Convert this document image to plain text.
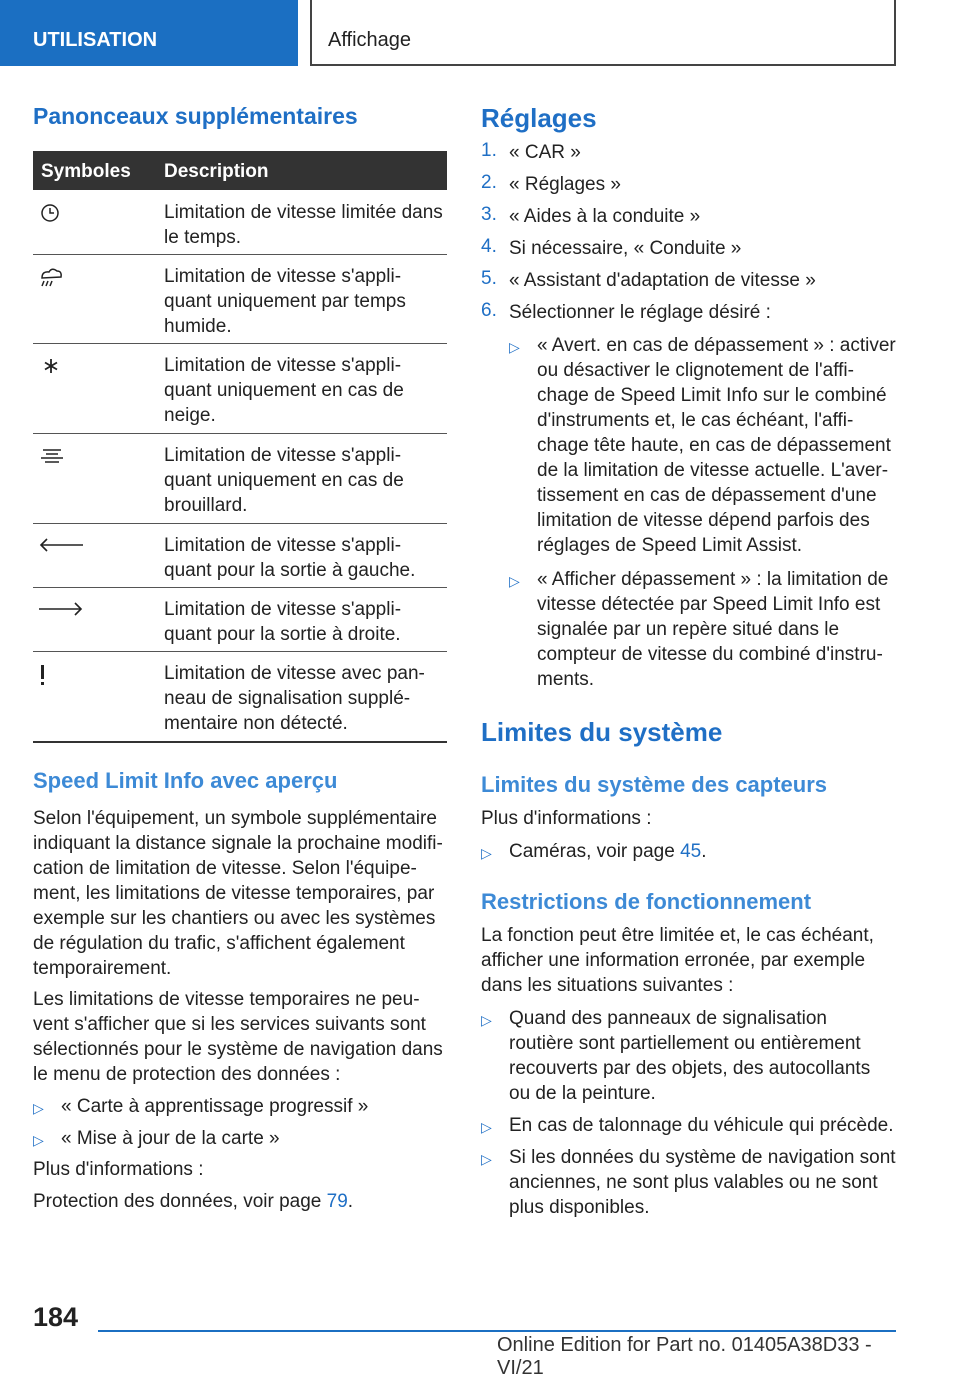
UTILISATION	Affichage
Panonceaux supplémentaires
Symboles Description
Limitation de vitesse limitée dans le temps.
Limitation de vitesse s'appli-quant uniquement par temps humide.
Limitation de vitesse s'appli-quant uniquement en cas de neige.
Limitation de vitesse s'appli-quant uniquement en cas de brouillard.
Limitation de vitesse s'appli-quant pour la sortie à gauche.
Limitation de vitesse s'appli-quant pour la sortie à droite.
Limitation de vitesse avec pan-neau de signalisation supplé-mentaire non détecté.
Speed Limit Info avec aperçu
Selon l'équipement, un symbole supplémentaire indiquant la distance signale la prochaine modifi-cation de limitation de vitesse. Selon l'équipe-ment, les limitations de vitesse temporaires, par exemple sur les chantiers ou avec les systèmes de régulation du trafic, s'affichent également temporairement.
Les limitations de vitesse temporaires ne peu-vent s'afficher que si les services suivants sont sélectionnés pour le système de navigation dans le menu de protection des données :
▷ « Carte à apprentissage progressif »
▷ « Mise à jour de la carte »
Plus d'informations :
Protection des données, voir page 79.
Réglages
1. « CAR »
2. « Réglages »
3. « Aides à la conduite »
4. Si nécessaire, « Conduite »
5. « Assistant d'adaptation de vitesse »
6. Sélectionner le réglage désiré :
▷ « Avert. en cas de dépassement » : activer ou désactiver le clignotement de l'affi-chage de Speed Limit Info sur le combiné d'instruments et, le cas échéant, l'affi-chage tête haute, en cas de dépassement de la limitation de vitesse actuelle. L'aver-tissement en cas de dépassement d'une limitation de vitesse dépend parfois des réglages de Speed Limit Assist.
▷ « Afficher dépassement » : la limitation de vitesse détectée par Speed Limit Info est signalée par un repère situé dans le compteur de vitesse du combiné d'instru-ments.
Limites du système
Limites du système des capteurs
Plus d'informations :
▷ Caméras, voir page 45.
Restrictions de fonctionnement
La fonction peut être limitée et, le cas échéant, afficher une information erronée, par exemple dans les situations suivantes :
▷ Quand des panneaux de signalisation routière sont partiellement ou entièrement recouverts par des objets, des autocollants ou de la peinture.
▷ En cas de talonnage du véhicule qui précède.
▷ Si les données du système de navigation sont anciennes, ne sont plus valables ou ne sont plus disponibles.
184
Online Edition for Part no. 01405A38D33 - VI/21
